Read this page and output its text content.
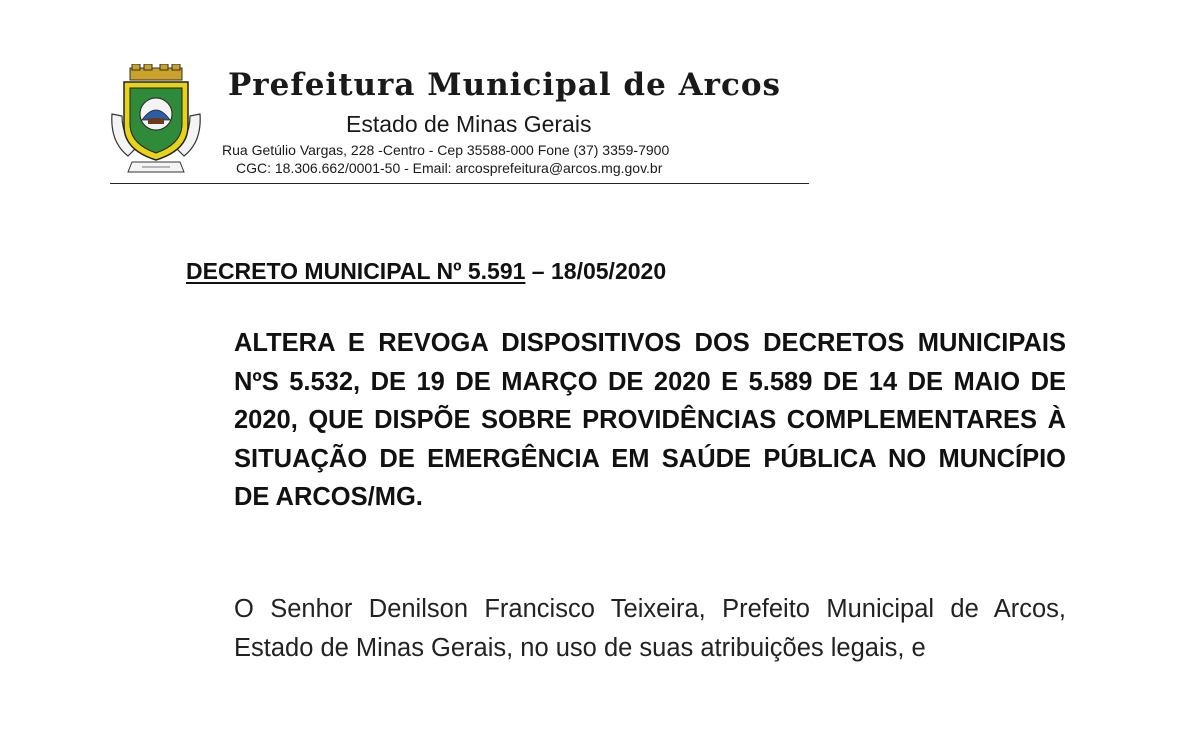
Prefeitura Municipal de Arcos
Estado de Minas Gerais
Rua Getúlio Vargas, 228 -Centro - Cep 35588-000 Fone (37) 3359-7900
CGC: 18.306.662/0001-50 - Email: arcosprefeitura@arcos.mg.gov.br
DECRETO MUNICIPAL Nº 5.591 – 18/05/2020

ALTERA E REVOGA DISPOSITIVOS DOS DECRETOS MUNICIPAIS NºS 5.532, DE 19 DE MARÇO DE 2020 E 5.589 DE 14 DE MAIO DE 2020, QUE DISPÕE SOBRE PROVIDÊNCIAS COMPLEMENTARES À SITUAÇÃO DE EMERGÊNCIA EM SAÚDE PÚBLICA NO MUNCÍPIO DE ARCOS/MG.

O Senhor Denilson Francisco Teixeira, Prefeito Municipal de Arcos, Estado de Minas Gerais, no uso de suas atribuições legais, e
